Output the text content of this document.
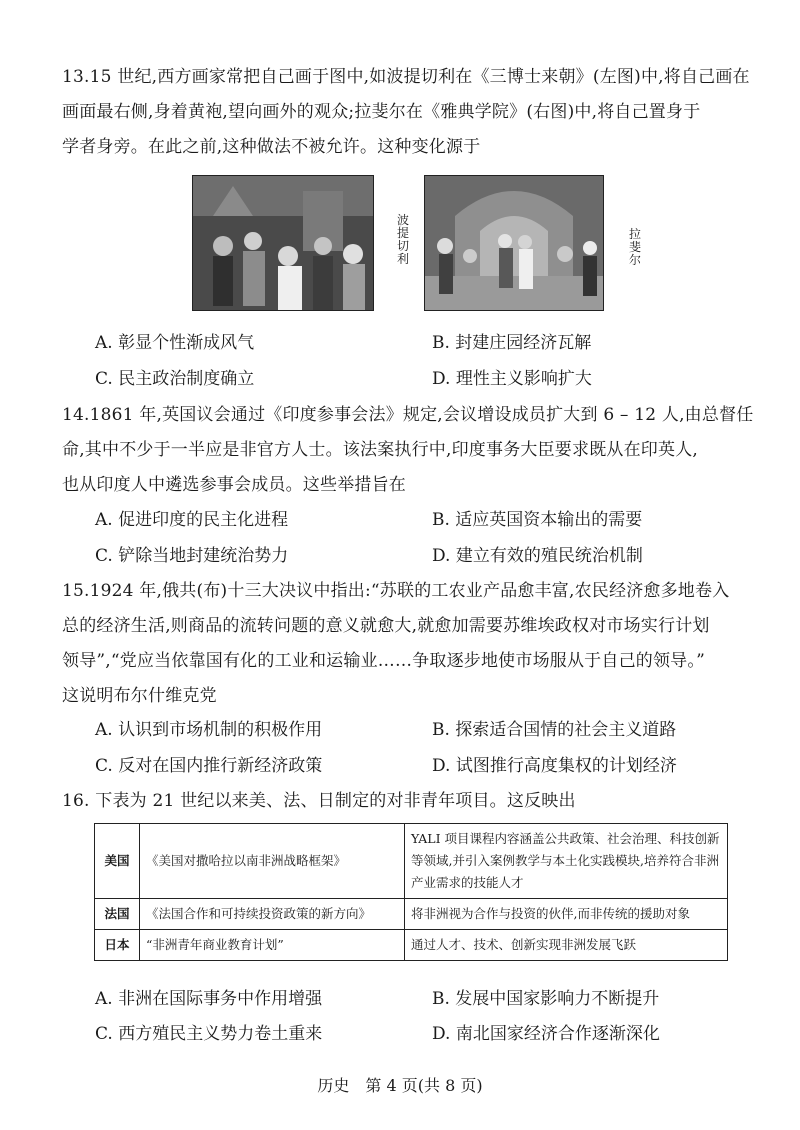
13.15 世纪,西方画家常把自己画于图中,如波提切利在《三博士来朝》(左图)中,将自己画在
画面最右侧,身着黄袍,望向画外的观众;拉斐尔在《雅典学院》(右图)中,将自己置身于
学者身旁。在此之前,这种做法不被允许。这种变化源于
波提切利
拉斐尔
A. 彰显个性渐成风气	B. 封建庄园经济瓦解
C. 民主政治制度确立	D. 理性主义影响扩大
14.1861 年,英国议会通过《印度参事会法》规定,会议增设成员扩大到 6 – 12 人,由总督任
命,其中不少于一半应是非官方人士。该法案执行中,印度事务大臣要求既从在印英人,
也从印度人中遴选参事会成员。这些举措旨在
A. 促进印度的民主化进程	B. 适应英国资本输出的需要
C. 铲除当地封建统治势力	D. 建立有效的殖民统治机制
15.1924 年,俄共(布)十三大决议中指出:“苏联的工农业产品愈丰富,农民经济愈多地卷入
总的经济生活,则商品的流转问题的意义就愈大,就愈加需要苏维埃政权对市场实行计划
领导”,“党应当依靠国有化的工业和运输业……争取逐步地使市场服从于自己的领导。”
这说明布尔什维克党
A. 认识到市场机制的积极作用	B. 探索适合国情的社会主义道路
C. 反对在国内推行新经济政策	D. 试图推行高度集权的计划经济
16. 下表为 21 世纪以来美、法、日制定的对非青年项目。这反映出
美国	《美国对撒哈拉以南非洲战略框架》	YALI 项目课程内容涵盖公共政策、社会治理、科技创新等领域,并引入案例教学与本土化实践模块,培养符合非洲产业需求的技能人才
法国	《法国合作和可持续投资政策的新方向》	将非洲视为合作与投资的伙伴,而非传统的援助对象
日本	“非洲青年商业教育计划”	通过人才、技术、创新实现非洲发展飞跃
A. 非洲在国际事务中作用增强	B. 发展中国家影响力不断提升
C. 西方殖民主义势力卷土重来	D. 南北国家经济合作逐渐深化
历史　第 4 页(共 8 页)
